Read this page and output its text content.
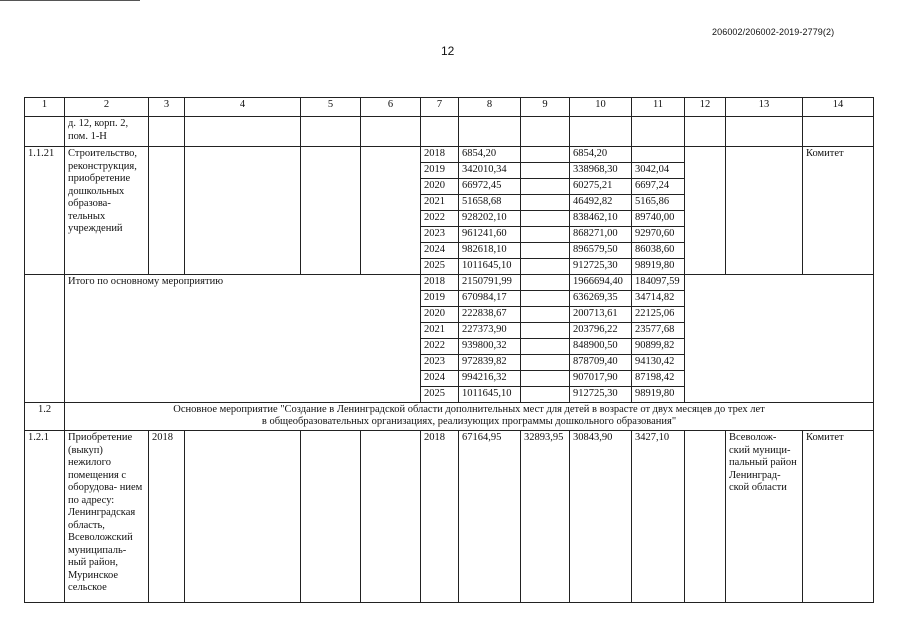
206002/206002-2019-2779(2)
12
1	2	3	4	5	6	7	8	9	10	11	12	13	14
	д. 12, корп. 2, пом. 1-Н												
1.1.21	Строительство, реконструкция, приобретение дошкольных образова- тельных учреждений					2018	6854,20		6854,20				Комитет
						2019	342010,34		338968,30	3042,04			
						2020	66972,45		60275,21	6697,24			
						2021	51658,68		46492,82	5165,86			
						2022	928202,10		838462,10	89740,00			
						2023	961241,60		868271,00	92970,60			
						2024	982618,10		896579,50	86038,60			
						2025	1011645,10		912725,30	98919,80			
	Итого по основному мероприятию					2018	2150791,99		1966694,40	184097,59			
						2019	670984,17		636269,35	34714,82			
						2020	222838,67		200713,61	22125,06			
						2021	227373,90		203796,22	23577,68			
						2022	939800,32		848900,50	90899,82			
						2023	972839,82		878709,40	94130,42			
						2024	994216,32		907017,90	87198,42			
						2025	1011645,10		912725,30	98919,80			
1.2	Основное мероприятие "Создание в Ленинградской области дополнительных мест для детей в возрасте от двух месяцев до трех лет
в общеобразовательных организациях, реализующих программы дошкольного образования"												

1.2.1	Приобретение (выкуп) нежилого помещения с оборудова- нием по адресу: Ленинградская область, Всеволожский муниципаль- ный район, Муринское сельское	2018				2018	67164,95	32893,95	30843,90	3427,10		Всеволож- ский муници- пальный район Ленинград- ской области	Комитет
